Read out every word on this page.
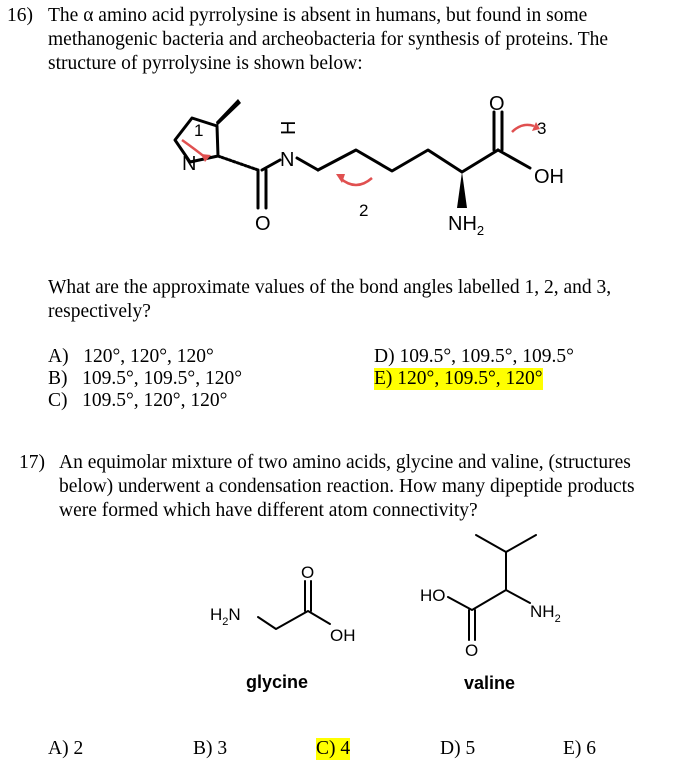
16) The α amino acid pyrrolysine is absent in humans, but found in some
methanogenic bacteria and archeobacteria for synthesis of proteins. The
structure of pyrrolysine is shown below:
1
2
3
N
H
N
O
O
OH
$NH_2$
What are the approximate values of the bond angles labelled 1, 2, and 3,
respectively?
A)  120°, 120°, 120°
B)  109.5°, 109.5°, 120°
C)  109.5°, 120°, 120°
D) 109.5°, 109.5°, 109.5°
E) 120°, 109.5°, 120°
17) An equimolar mixture of two amino acids, glycine and valine, (structures
below) underwent a condensation reaction. How many dipeptide products
were formed which have different atom connectivity?
$H_2N$
O
OH
HO
O
$NH_2$
glycine	valine
A) 2	B) 3	C) 4	D) 5	E) 6
